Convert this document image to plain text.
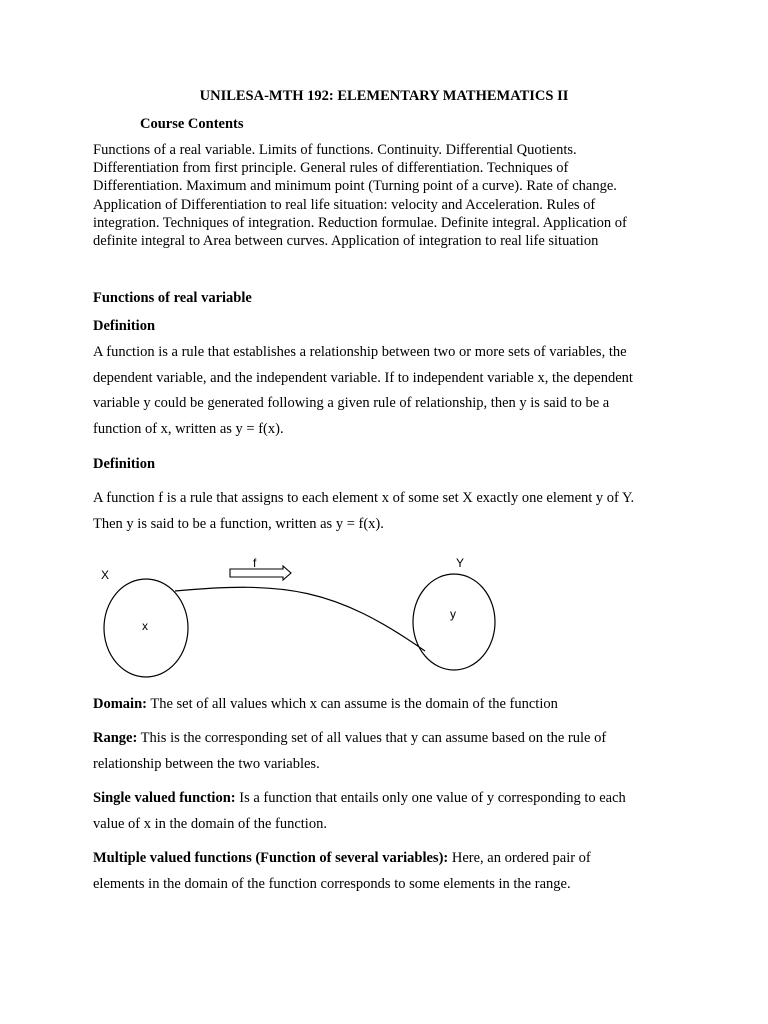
UNILESA-MTH 192: ELEMENTARY MATHEMATICS II
Course Contents
Functions of a real variable. Limits of functions. Continuity. Differential Quotients.
Differentiation from first principle. General rules of differentiation. Techniques of
Differentiation. Maximum and minimum point (Turning point of a curve). Rate of change.
Application of Differentiation to real life situation: velocity and Acceleration. Rules of
integration. Techniques of integration. Reduction formulae. Definite integral. Application of
definite integral to Area between curves. Application of integration to real life situation
Functions of real variable
Definition
A function is a rule that establishes a relationship between two or more sets of variables, the
dependent variable, and the independent variable. If to independent variable x, the dependent
variable y could be generated following a given rule of relationship, then y is said to be a
function of x, written as y = f(x).
Definition
A function f is a rule that assigns to each element x of some set X exactly one element y of Y.
Then y is said to be a function, written as y = f(x).
X
x
f	Y
y
Domain: The set of all values which x can assume is the domain of the function
Range: This is the corresponding set of all values that y can assume based on the rule of
relationship between the two variables.
Single valued function: Is a function that entails only one value of y corresponding to each
value of x in the domain of the function.
Multiple valued functions (Function of several variables): Here, an ordered pair of
elements in the domain of the function corresponds to some elements in the range.
